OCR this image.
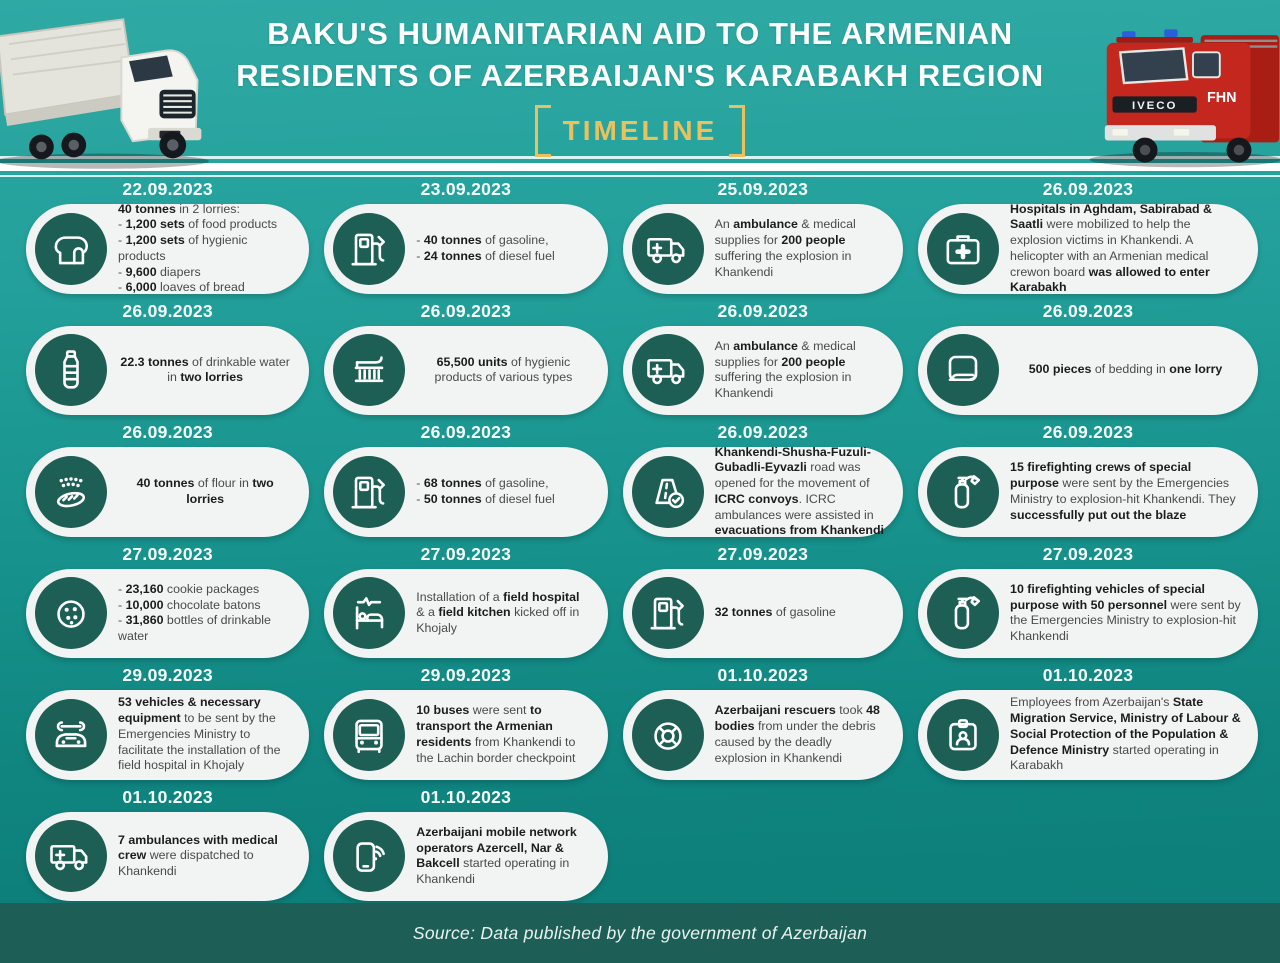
BAKU'S HUMANITARIAN AID TO THE ARMENIAN
RESIDENTS OF AZERBAIJAN'S KARABAKH REGION
TIMELINE
IVECO FHN
22.09.2023
40 tonnes in 2 lorries:
- 1,200 sets of food products
- 1,200 sets of hygienic products
- 9,600 diapers
- 6,000 loaves of bread
23.09.2023
- 40 tonnes of gasoline,
- 24 tonnes of diesel fuel
25.09.2023
An ambulance & medical supplies for 200 people suffering the explosion in Khankendi
26.09.2023
Hospitals in Aghdam, Sabirabad & Saatli were mobilized to help the explosion victims in Khankendi. A helicopter with an Armenian medical crewon board was allowed to enter Karabakh
26.09.2023
22.3 tonnes of drinkable water in two lorries
26.09.2023
65,500 units of hygienic products of various types
26.09.2023
An ambulance & medical supplies for 200 people suffering the explosion in Khankendi
26.09.2023
500 pieces of bedding in one lorry
26.09.2023
40 tonnes of flour in two lorries
26.09.2023
- 68 tonnes of gasoline,
- 50 tonnes of diesel fuel
26.09.2023
Khankendi-Shusha-Fuzuli-Gubadli-Eyvazli road was opened for the movement of ICRC convoys. ICRC ambulances were assisted in evacuations from Khankendi
26.09.2023
15 firefighting crews of special purpose were sent by the Emergencies Ministry to explosion-hit Khankendi. They successfully put out the blaze
27.09.2023
- 23,160 cookie packages
- 10,000 chocolate batons
- 31,860 bottles of drinkable water
27.09.2023
Installation of a field hospital & a field kitchen kicked off in Khojaly
27.09.2023
32 tonnes of gasoline
27.09.2023
10 firefighting vehicles of special purpose with 50 personnel were sent by the Emergencies Ministry to explosion-hit Khankendi
29.09.2023
53 vehicles & necessary equipment to be sent by the Emergencies Ministry to facilitate the installation of the field hospital in Khojaly
29.09.2023
10 buses were sent to transport the Armenian residents from Khankendi to the Lachin border checkpoint
01.10.2023
Azerbaijani rescuers took 48 bodies from under the debris caused by the deadly explosion in Khankendi
01.10.2023
Employees from Azerbaijan's State Migration Service, Ministry of Labour & Social Protection of the Population & Defence Ministry started operating in Karabakh
01.10.2023
7 ambulances with medical crew were dispatched to Khankendi
01.10.2023
Azerbaijani mobile network operators Azercell, Nar & Bakcell started operating in Khankendi
Source: Data published by the government of Azerbaijan
